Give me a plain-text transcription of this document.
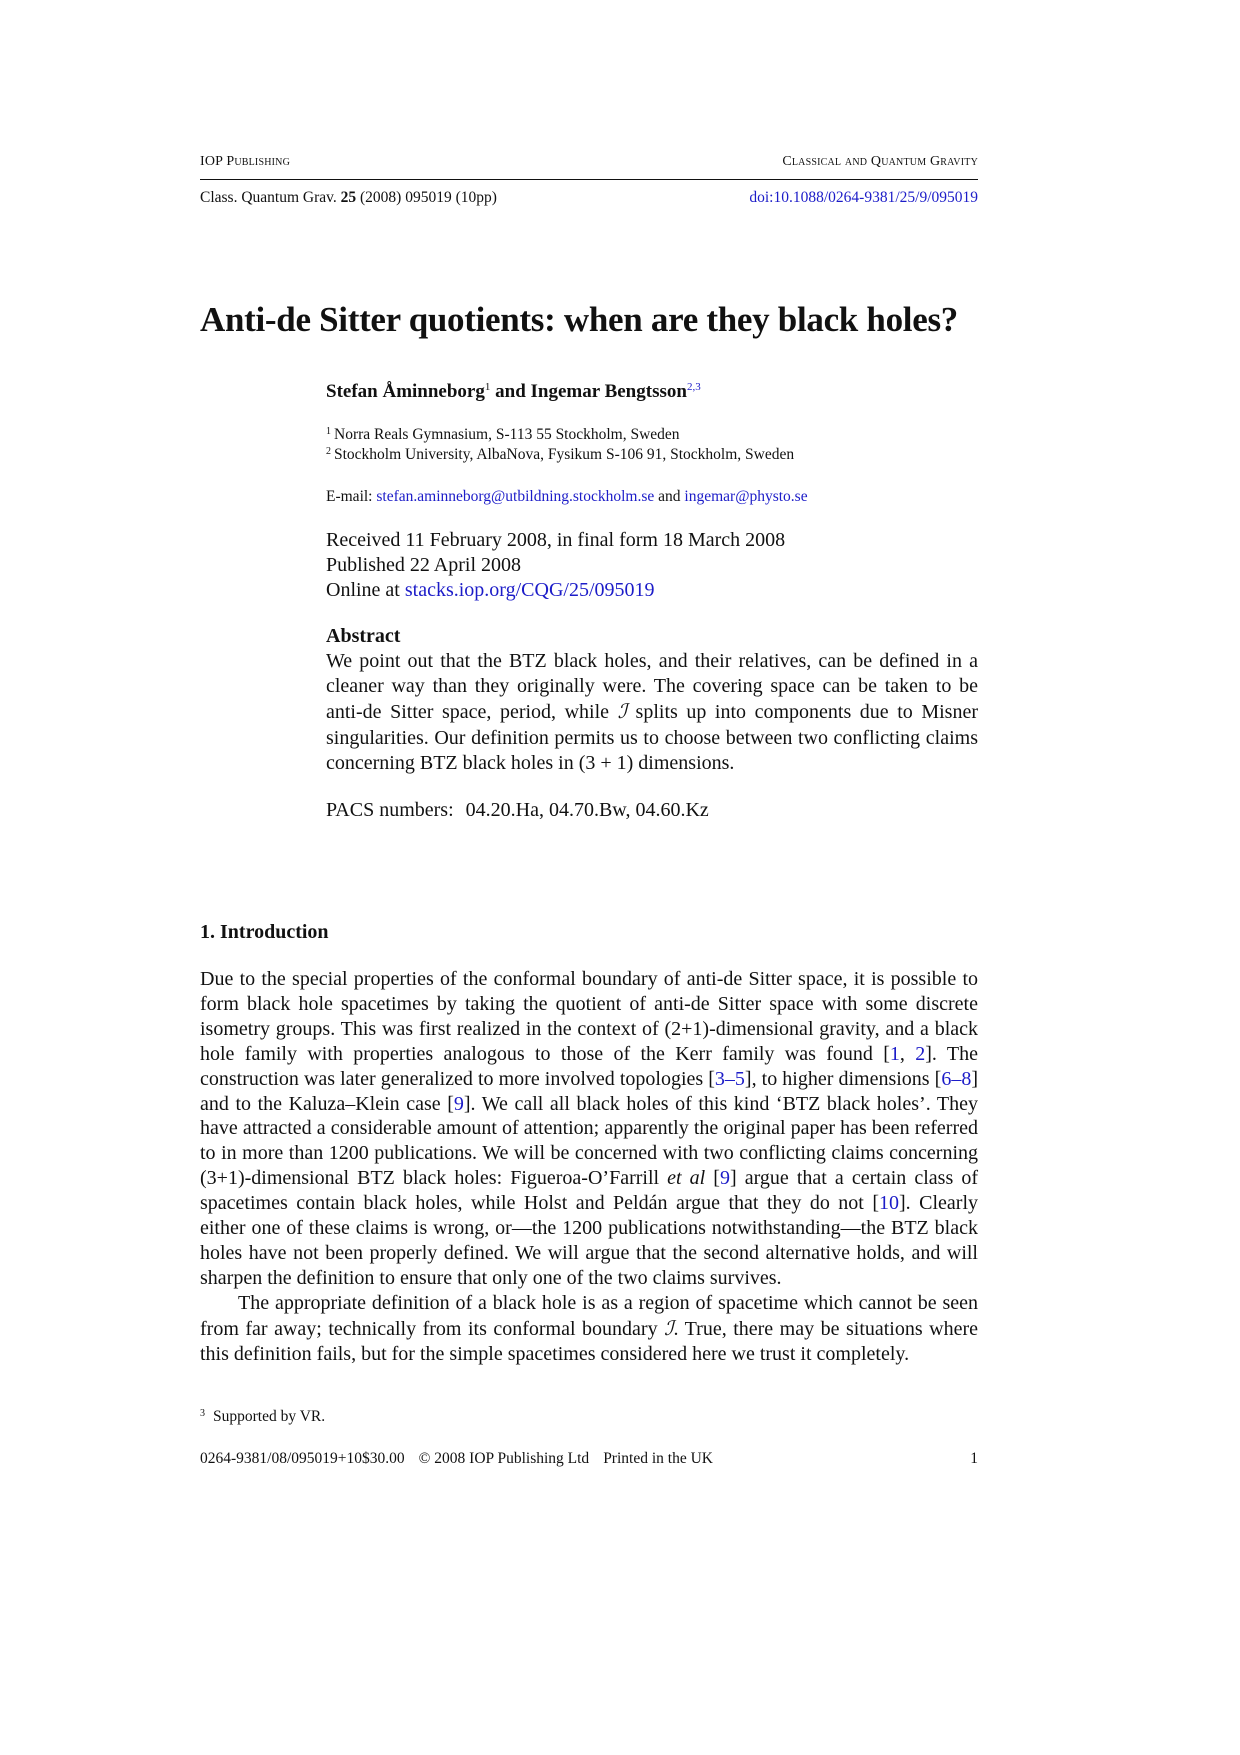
IOP Publishing	Classical and Quantum Gravity
Class. Quantum Grav. 25 (2008) 095019 (10pp)	doi:10.1088/0264-9381/25/9/095019
Anti-de Sitter quotients: when are they black holes?
Stefan Åminneborg$^1$ and Ingemar Bengtsson$^{2,3}$
$^1$ Norra Reals Gymnasium, S-113 55 Stockholm, Sweden
$^2$ Stockholm University, AlbaNova, Fysikum S-106 91, Stockholm, Sweden
E-mail: stefan.aminneborg@utbildning.stockholm.se and ingemar@physto.se
Received 11 February 2008, in final form 18 March 2008
Published 22 April 2008
Online at stacks.iop.org/CQG/25/095019
Abstract

We point out that the BTZ black holes, and their relatives, can be defined in a cleaner way than they originally were. The covering space can be taken to be anti-de Sitter space, period, while ℐ splits up into components due to Misner singularities. Our definition permits us to choose between two conflicting claims concerning BTZ black holes in (3 + 1) dimensions.

PACS numbers: 04.20.Ha, 04.70.Bw, 04.60.Kz
1. Introduction

Due to the special properties of the conformal boundary of anti-de Sitter space, it is possible to form black hole spacetimes by taking the quotient of anti-de Sitter space with some discrete isometry groups. This was first realized in the context of (2+1)-dimensional gravity, and a black hole family with properties analogous to those of the Kerr family was found [1, 2]. The construction was later generalized to more involved topologies [3–5], to higher dimensions [6–8] and to the Kaluza–Klein case [9]. We call all black holes of this kind ‘BTZ black holes’. They have attracted a considerable amount of attention; apparently the original paper has been referred to in more than 1200 publications. We will be concerned with two conflicting claims concerning (3+1)-dimensional BTZ black holes: Figueroa-O’Farrill et al [9] argue that a certain class of spacetimes contain black holes, while Holst and Peldán argue that they do not [10]. Clearly either one of these claims is wrong, or—the 1200 publications notwithstanding—the BTZ black holes have not been properly defined. We will argue that the second alternative holds, and will sharpen the definition to ensure that only one of the two claims survives.

The appropriate definition of a black hole is as a region of spacetime which cannot be seen from far away; technically from its conformal boundary ℐ. True, there may be situations where this definition fails, but for the simple spacetimes considered here we trust it completely.

$^3$ Supported by VR.
0264-9381/08/095019+10$30.00 © 2008 IOP Publishing Ltd Printed in the UK	1
